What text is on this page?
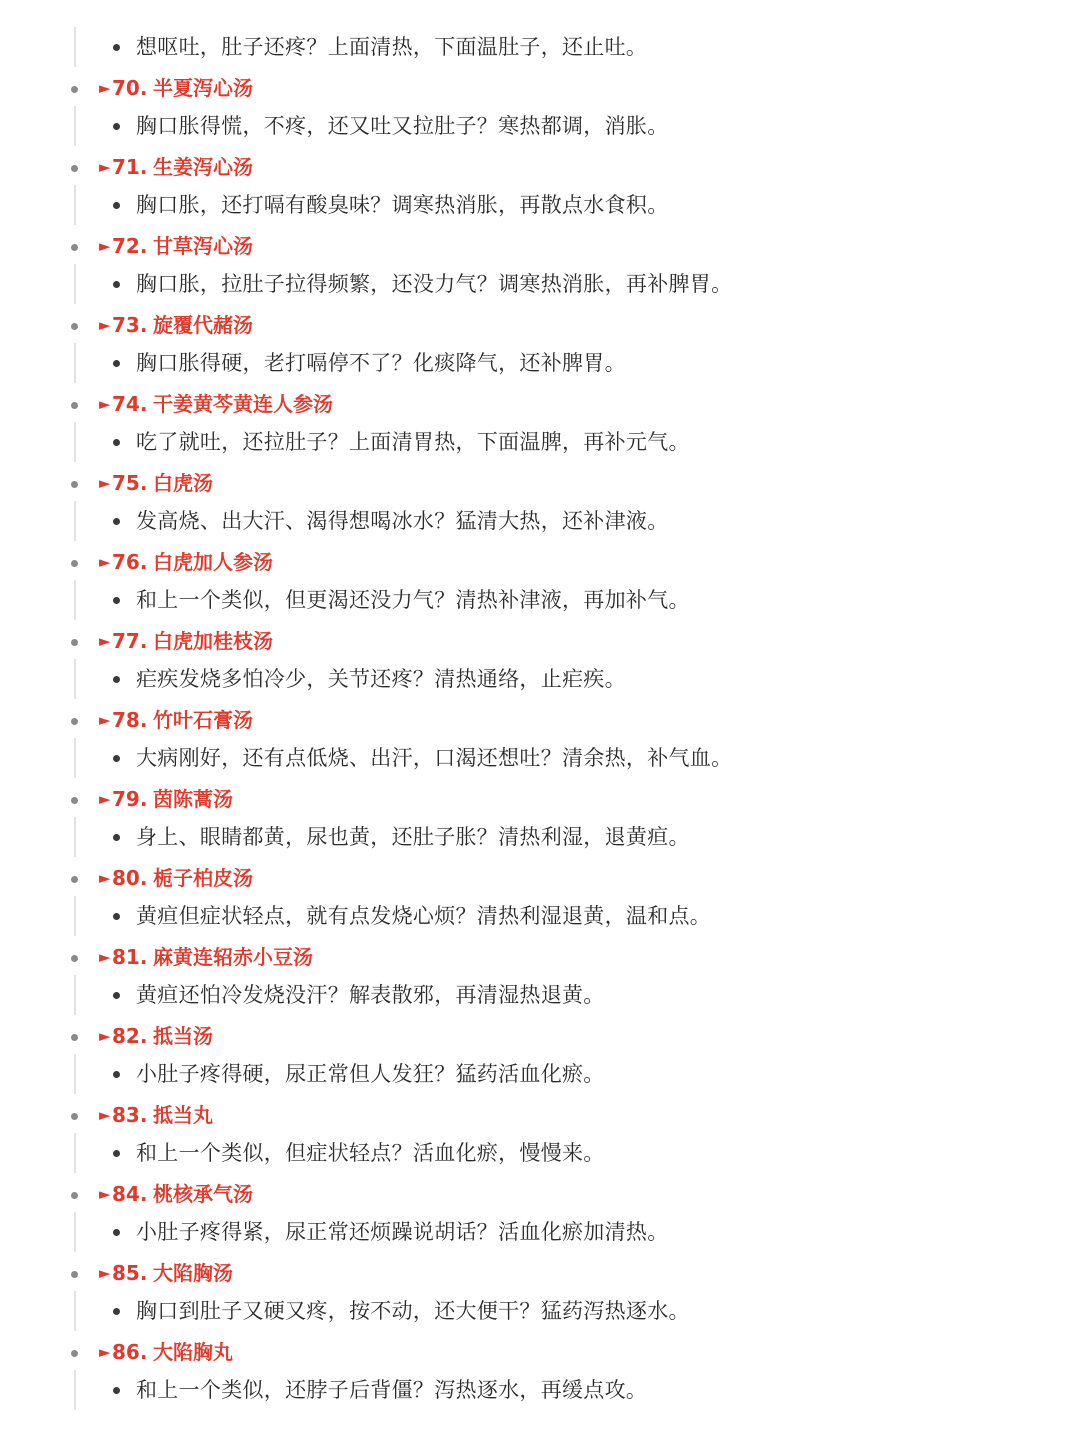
想呕吐，肚子还疼？上面清热，下面温肚子，还止吐。
► 70. 半夏泻心汤
胸口胀得慌，不疼，还又吐又拉肚子？寒热都调，消胀。
► 71. 生姜泻心汤
胸口胀，还打嗝有酸臭味？调寒热消胀，再散点水食积。
► 72. 甘草泻心汤
胸口胀，拉肚子拉得频繁，还没力气？调寒热消胀，再补脾胃。
► 73. 旋覆代赭汤
胸口胀得硬，老打嗝停不了？化痰降气，还补脾胃。
► 74. 干姜黄芩黄连人参汤
吃了就吐，还拉肚子？上面清胃热，下面温脾，再补元气。
► 75. 白虎汤
发高烧、出大汗、渴得想喝冰水？猛清大热，还补津液。
► 76. 白虎加人参汤
和上一个类似，但更渴还没力气？清热补津液，再加补气。
► 77. 白虎加桂枝汤
疟疾发烧多怕冷少，关节还疼？清热通络，止疟疾。
► 78. 竹叶石膏汤
大病刚好，还有点低烧、出汗，口渴还想吐？清余热，补气血。
► 79. 茵陈蒿汤
身上、眼睛都黄，尿也黄，还肚子胀？清热利湿，退黄疸。
► 80. 栀子柏皮汤
黄疸但症状轻点，就有点发烧心烦？清热利湿退黄，温和点。
► 81. 麻黄连轺赤小豆汤
黄疸还怕冷发烧没汗？解表散邪，再清湿热退黄。
► 82. 抵当汤
小肚子疼得硬，尿正常但人发狂？猛药活血化瘀。
► 83. 抵当丸
和上一个类似，但症状轻点？活血化瘀，慢慢来。
► 84. 桃核承气汤
小肚子疼得紧，尿正常还烦躁说胡话？活血化瘀加清热。
► 85. 大陷胸汤
胸口到肚子又硬又疼，按不动，还大便干？猛药泻热逐水。
► 86. 大陷胸丸
和上一个类似，还脖子后背僵？泻热逐水，再缓点攻。
